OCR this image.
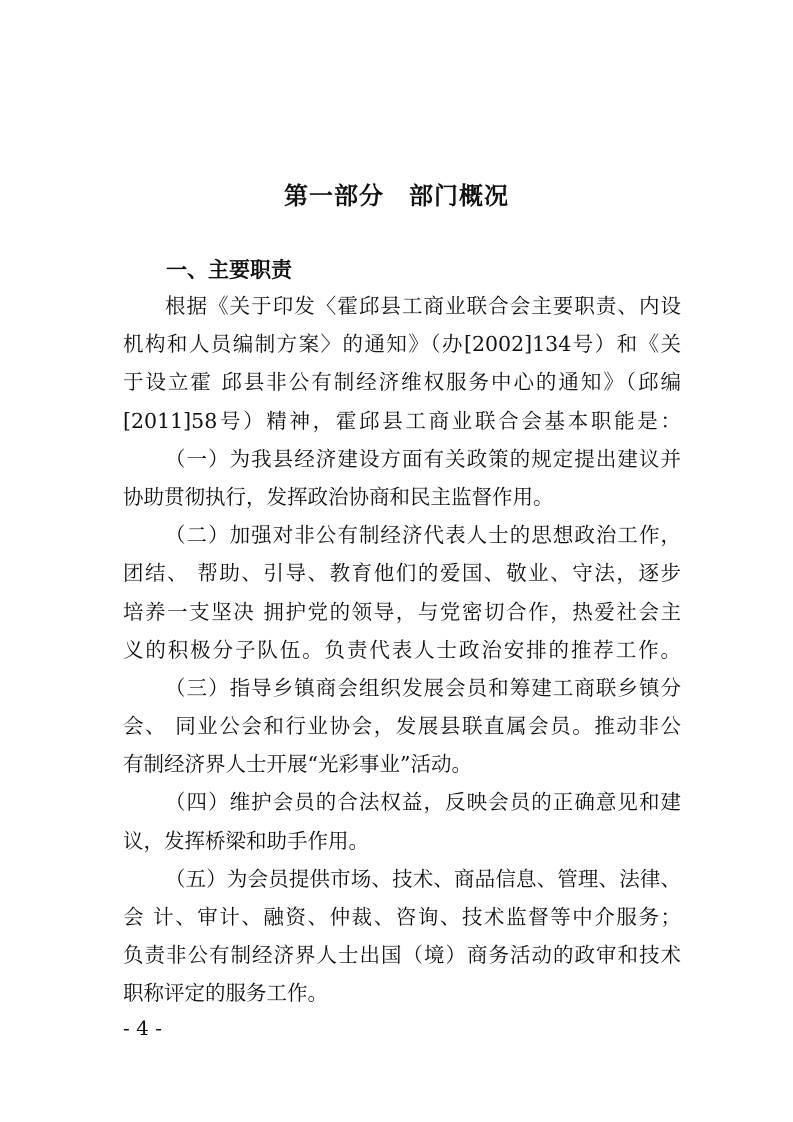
第一部分　部门概况
一、主要职责
根据《关于印发〈霍邱县工商业联合会主要职责、内设
机构和人员编制方案〉的通知》（办[2002]134号）和《关
于设立霍 邱县非公有制经济维权服务中心的通知》（邱编
[2011]58号）精神，霍邱县工商业联合会基本职能是：
（一）为我县经济建设方面有关政策的规定提出建议并
协助贯彻执行，发挥政治协商和民主监督作用。
（二）加强对非公有制经济代表人士的思想政治工作，
团结、 帮助、引导、教育他们的爱国、敬业、守法，逐步
培养一支坚决 拥护党的领导，与党密切合作，热爱社会主
义的积极分子队伍。负责代表人士政治安排的推荐工作。
（三）指导乡镇商会组织发展会员和筹建工商联乡镇分
会、 同业公会和行业协会，发展县联直属会员。推动非公
有制经济界人士开展“光彩事业”活动。
（四）维护会员的合法权益，反映会员的正确意见和建
议，发挥桥梁和助手作用。
（五）为会员提供市场、技术、商品信息、管理、法律、
会 计、审计、融资、仲裁、咨询、技术监督等中介服务；
负责非公有制经济界人士出国（境）商务活动的政审和技术
职称评定的服务工作。
- 4 -
